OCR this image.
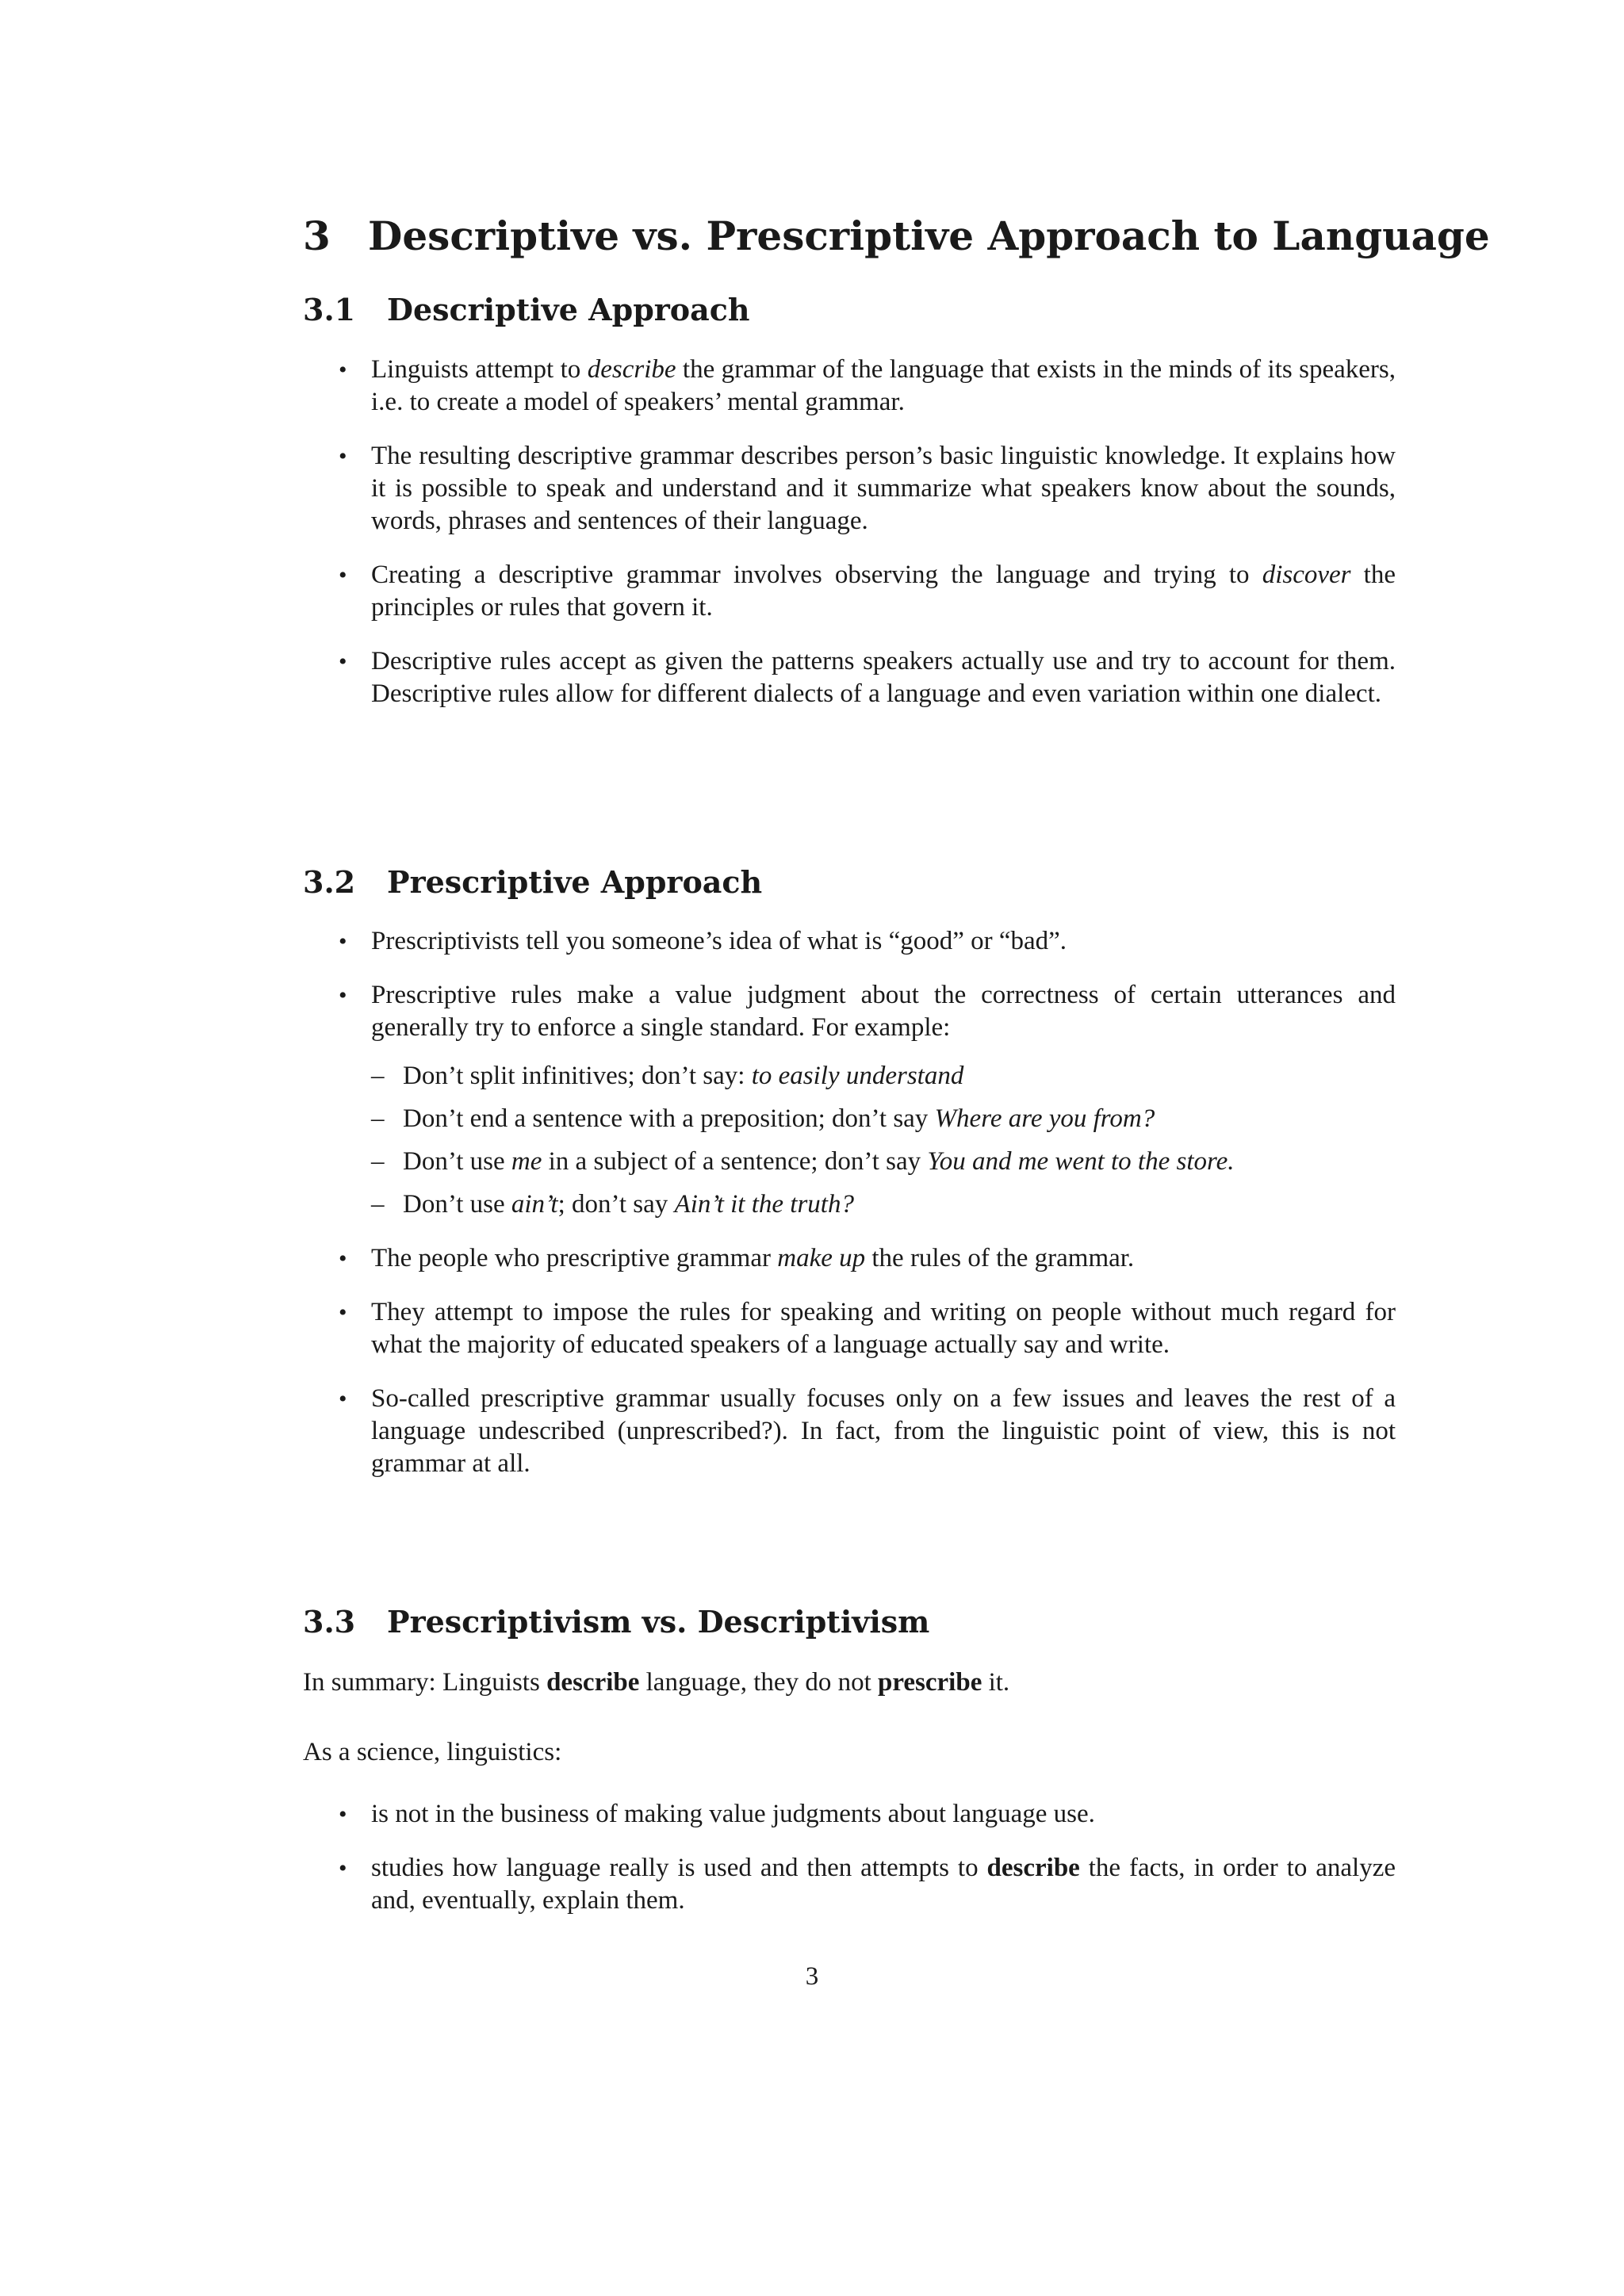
3 Descriptive vs. Prescriptive Approach to Language
3.1 Descriptive Approach
• Linguists attempt to describe the grammar of the language that exists in the minds of its speakers, i.e. to create a model of speakers’ mental grammar.
• The resulting descriptive grammar describes person’s basic linguistic knowledge. It explains how it is possible to speak and understand and it summarize what speakers know about the sounds, words, phrases and sentences of their language.
• Creating a descriptive grammar involves observing the language and trying to discover the principles or rules that govern it.
• Descriptive rules accept as given the patterns speakers actually use and try to account for them. Descriptive rules allow for different dialects of a language and even variation within one dialect.
3.2 Prescriptive Approach
• Prescriptivists tell you someone’s idea of what is “good” or “bad”.
• Prescriptive rules make a value judgment about the correctness of certain utterances and generally try to enforce a single standard. For example:
– Don’t split infinitives; don’t say: to easily understand
– Don’t end a sentence with a preposition; don’t say Where are you from?
– Don’t use me in a subject of a sentence; don’t say You and me went to the store.
– Don’t use ain’t; don’t say Ain’t it the truth?
• The people who prescriptive grammar make up the rules of the grammar.
• They attempt to impose the rules for speaking and writing on people without much regard for what the majority of educated speakers of a language actually say and write.
• So-called prescriptive grammar usually focuses only on a few issues and leaves the rest of a language undescribed (unprescribed?). In fact, from the linguistic point of view, this is not grammar at all.
3.3 Prescriptivism vs. Descriptivism

In summary: Linguists describe language, they do not prescribe it.

As a science, linguistics:

• is not in the business of making value judgments about language use.
• studies how language really is used and then attempts to describe the facts, in order to analyze and, eventually, explain them.
3
